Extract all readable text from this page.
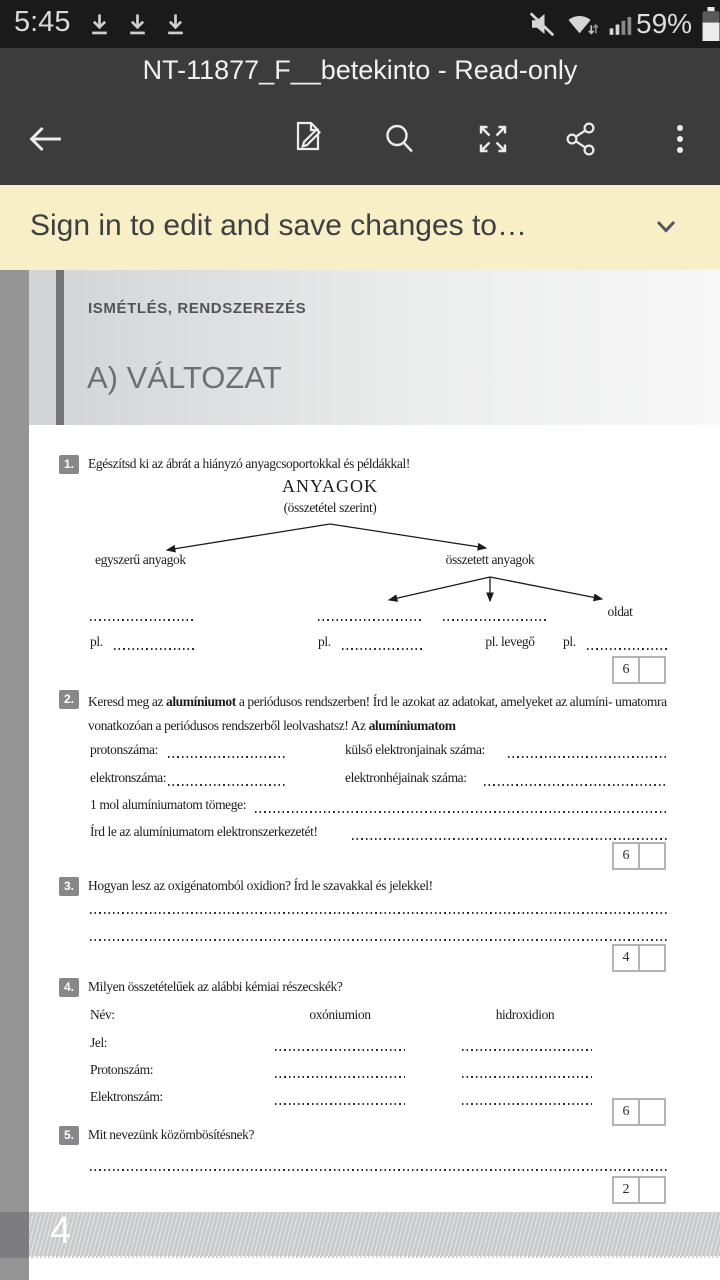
5:45	59%
NT-11877_F__betekinto - Read-only
Sign in to edit and save changes to…
ISMÉTLÉS, RENDSZEREZÉS
A) VÁLTOZAT
1.	Egészítsd ki az ábrát a hiányzó anyagcsoportokkal és példákkal!
ANYAGOK
(összetétel szerint)
egyszerű anyagok	összetett anyagok
oldat
pl.	pl.	pl. levegő	pl.
6
2.	Keresd meg az alumíniumot a periódusos rendszerben! Írd le azokat az adatokat, amelyeket az alumíni- umatomra vonatkozóan a periódusos rendszerből leolvashatsz! Az alumíniumatom
protonszáma:	külső elektronjainak száma:
elektronszáma:	elektronhéjainak száma:
1 mol alumíniumatom tömege:
Írd le az alumíniumatom elektronszerkezetét!
6
3.	Hogyan lesz az oxigénatomból oxidion? Írd le szavakkal és jelekkel!
4
4.	Milyen összetételűek az alábbi kémiai részecskék?
Név:	oxóniumion	hidroxidion
Jel:
Protonszám:
Elektronszám:
6
5.	Mit nevezünk közömbösítésnek?
2
4
